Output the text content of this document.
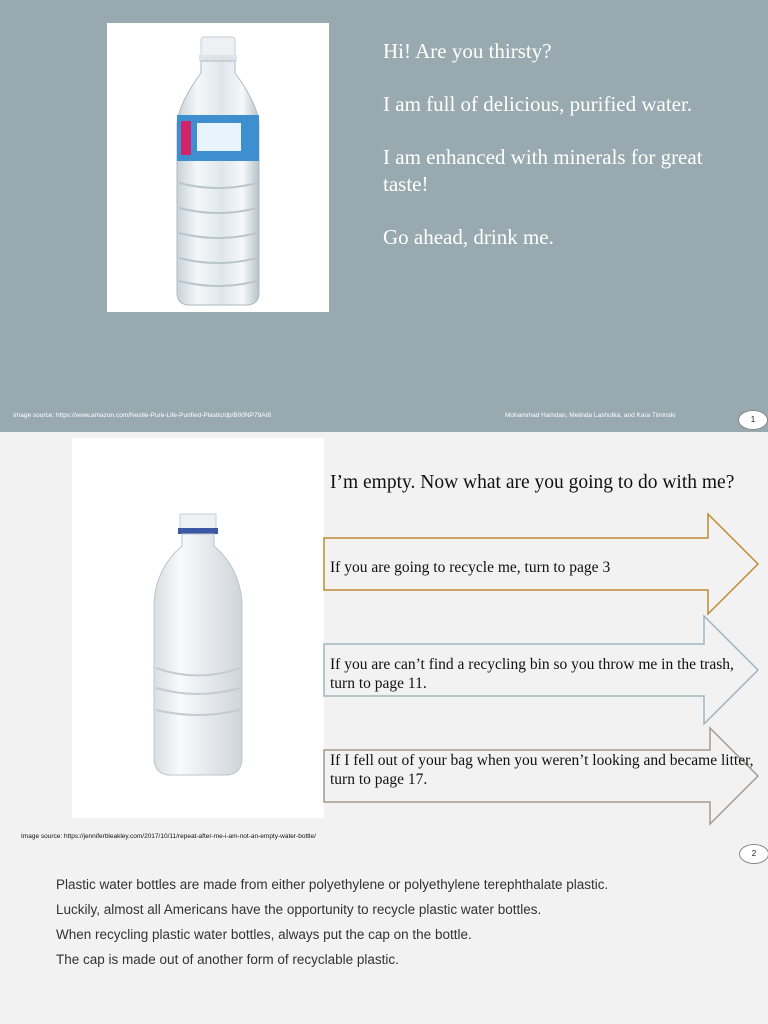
Hi! Are you thirsty?

I am full of delicious, purified water.

I am enhanced with minerals for great taste!

Go ahead, drink me.

Image source: https://www.amazon.com/Nestle-Pure-Life-Purified-Plastic/dp/B00NP79AI8	Mohammad Hamdan, Melinda Lashutka, and Kara Timinski	1
I’m empty. Now what are you going to do with me?
If you are going to recycle me, turn to page 3
If you are can’t find a recycling bin so you throw me in the trash, turn to page 11.
If I fell out of your bag when you weren’t looking and became litter, turn to page 17.
Image source: https://jenniferbleakley.com/2017/10/11/repeat-after-me-i-am-not-an-empty-water-bottle/
2

Plastic water bottles are made from either polyethylene or polyethylene terephthalate plastic.

Luckily, almost all Americans have the opportunity to recycle plastic water bottles.

When recycling plastic water bottles, always put the cap on the bottle.

The cap is made out of another form of recyclable plastic.
